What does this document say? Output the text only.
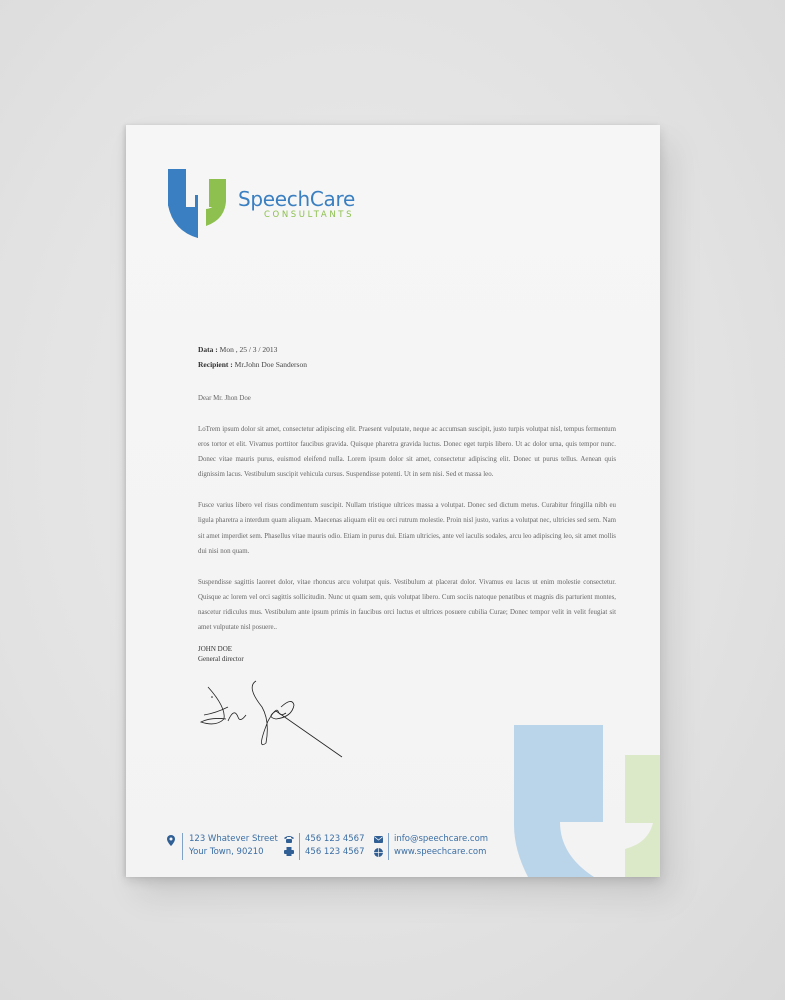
SpeechCare
CONSULTANTS
Data : Mon , 25 / 3 / 2013
Recipient : Mr.John Doe Sanderson

Dear Mr. Jhon Doe

LoTrem ipsum dolor sit amet, consectetur adipiscing elit. Praesent vulputate, neque ac accumsan suscipit, justo turpis volutpat nisl, tempus fermentum eros tortor et elit. Vivamus porttitor faucibus gravida. Quisque pharetra gravida luctus. Donec eget turpis libero. Ut ac dolor urna, quis tempor nunc. Donec vitae mauris purus, euismod eleifend nulla. Lorem ipsum dolor sit amet, consectetur adipiscing elit. Donec ut purus tellus. Aenean quis dignissim lacus. Vestibulum suscipit vehicula cursus. Suspendisse potenti. Ut in sem nisi. Sed et massa leo.

Fusce varius libero vel risus condimentum suscipit. Nullam tristique ultrices massa a volutpat. Donec sed dictum metus. Curabitur fringilla nibh eu ligula pharetra a interdum quam aliquam. Maecenas aliquam elit eu orci rutrum molestie. Proin nisl justo, varius a volutpat nec, ultricies sed sem. Nam sit amet imperdiet sem. Phasellus vitae mauris odio. Etiam in purus dui. Etiam ultricies, ante vel iaculis sodales, arcu leo adipiscing leo, sit amet mollis dui nisi non quam.

Suspendisse sagittis laoreet dolor, vitae rhoncus arcu volutpat quis. Vestibulum at placerat dolor. Vivamus eu lacus ut enim molestie consectetur. Quisque ac lorem vel orci sagittis sollicitudin. Nunc ut quam sem, quis volutpat libero. Cum sociis natoque penatibus et magnis dis parturient montes, nascetur ridiculus mus. Vestibulum ante ipsum primis in faucibus orci luctus et ultrices posuere cubilia Curae; Donec tempor velit in velit feugiat sit amet vulputate nisl posuere..

JOHN DOE
General director
123 Whatever Street
Your Town, 90210
456 123 4567
456 123 4567
info@speechcare.com
www.speechcare.com
